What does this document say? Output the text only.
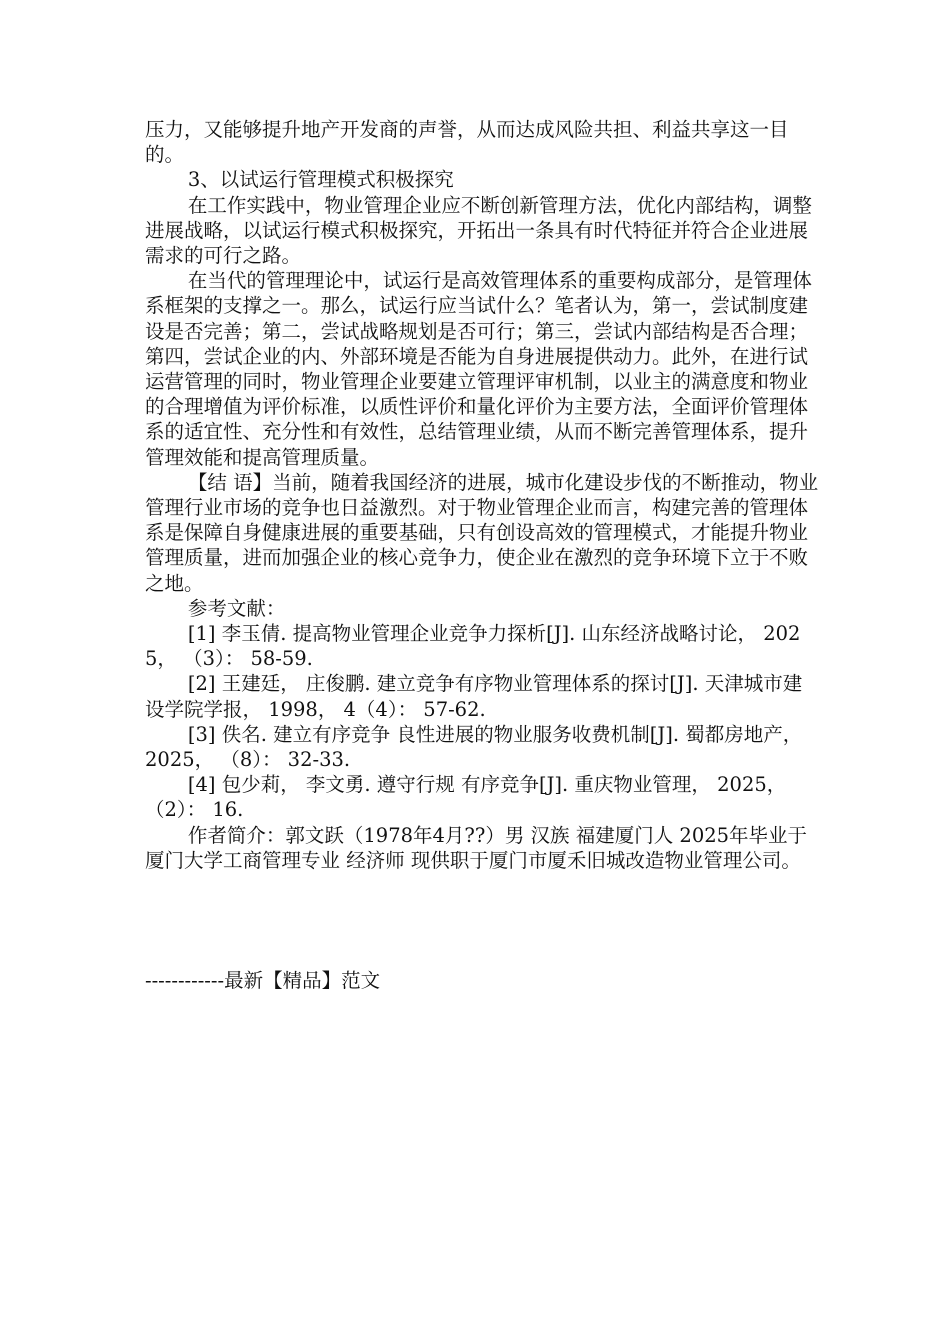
压力，又能够提升地产开发商的声誉，从而达成风险共担、利益共享这一目的。

3、以试运行管理模式积极探究

在工作实践中，物业管理企业应不断创新管理方法，优化内部结构，调整进展战略，以试运行模式积极探究，开拓出一条具有时代特征并符合企业进展需求的可行之路。

在当代的管理理论中，试运行是高效管理体系的重要构成部分，是管理体系框架的支撑之一。那么，试运行应当试什么？笔者认为，第一，尝试制度建设是否完善；第二，尝试战略规划是否可行；第三，尝试内部结构是否合理；第四，尝试企业的内、外部环境是否能为自身进展提供动力。此外，在进行试运营管理的同时，物业管理企业要建立管理评审机制，以业主的满意度和物业的合理增值为评价标准，以质性评价和量化评价为主要方法，全面评价管理体系的适宜性、充分性和有效性，总结管理业绩，从而不断完善管理体系，提升管理效能和提高管理质量。

【结 语】当前，随着我国经济的进展，城市化建设步伐的不断推动，物业管理行业市场的竞争也日益激烈。对于物业管理企业而言，构建完善的管理体系是保障自身健康进展的重要基础，只有创设高效的管理模式，才能提升物业管理质量，进而加强企业的核心竞争力，使企业在激烈的竞争环境下立于不败之地。

参考文献：

[1] 李玉倩. 提高物业管理企业竞争力探析[J]. 山东经济战略讨论， 2025， （3）： 58-59.

[2] 王建廷， 庄俊鹏. 建立竞争有序物业管理体系的探讨[J]. 天津城市建设学院学报， 1998， 4（4）： 57-62.

[3] 佚名. 建立有序竞争 良性进展的物业服务收费机制[J]. 蜀都房地产， 2025， （8）： 32-33.

[4] 包少莉， 李文勇. 遵守行规 有序竞争[J]. 重庆物业管理， 2025， （2）： 16.

作者简介：郭文跃（1978年4月??）男 汉族 福建厦门人 2025年毕业于厦门大学工商管理专业 经济师 现供职于厦门市厦禾旧城改造物业管理公司。

------------最新【精品】范文
